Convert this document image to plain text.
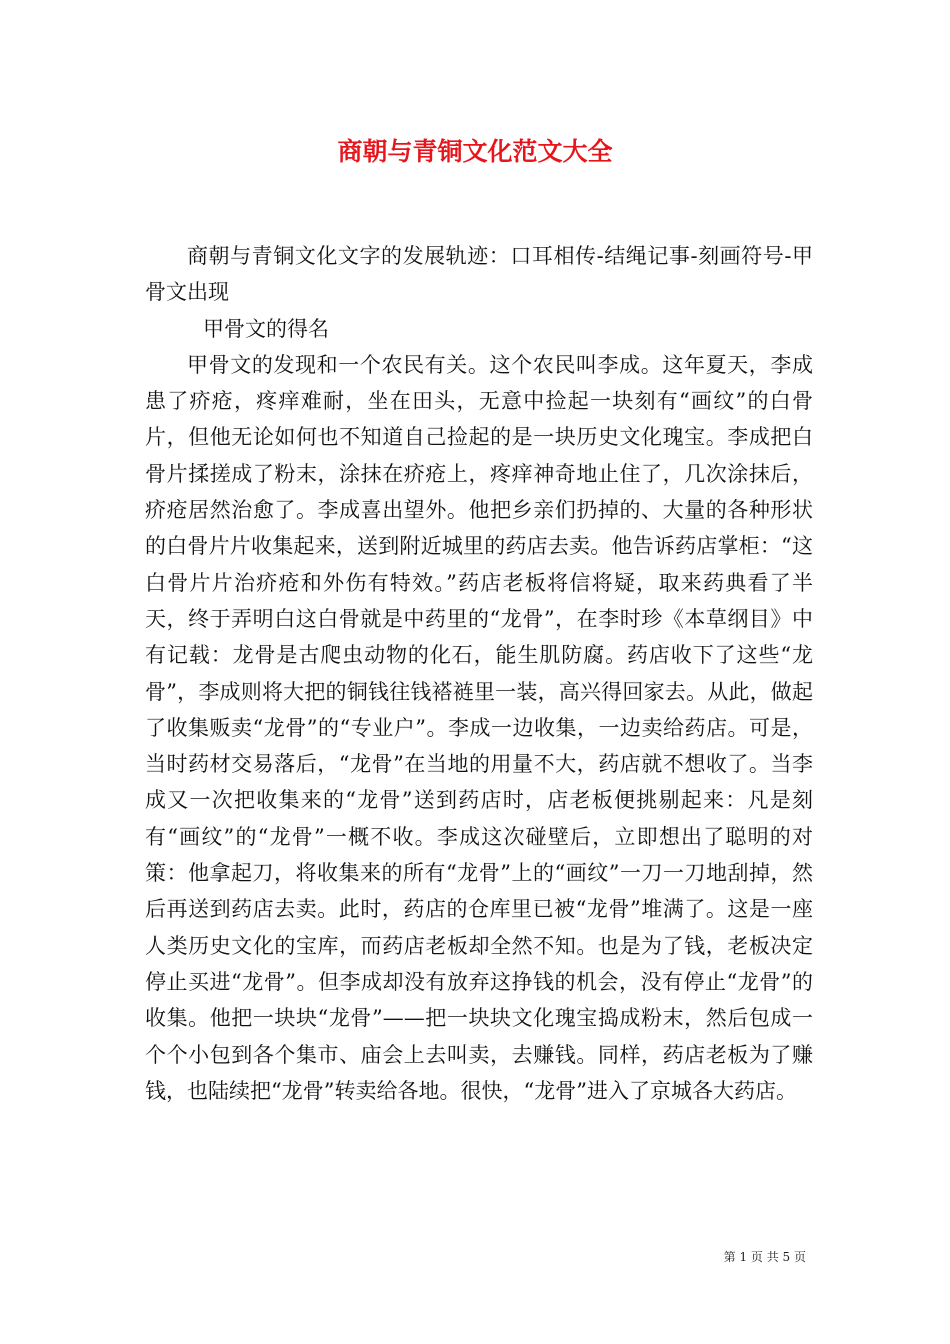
商朝与青铜文化范文大全

商朝与青铜文化文字的发展轨迹：口耳相传-结绳记事-刻画符号-甲骨文出现

甲骨文的得名

甲骨文的发现和一个农民有关。这个农民叫李成。这年夏天，李成患了疥疮，疼痒难耐，坐在田头，无意中捡起一块刻有“画纹”的白骨片，但他无论如何也不知道自己捡起的是一块历史文化瑰宝。李成把白骨片揉搓成了粉末，涂抹在疥疮上，疼痒神奇地止住了，几次涂抹后，疥疮居然治愈了。李成喜出望外。他把乡亲们扔掉的、大量的各种形状的白骨片片收集起来，送到附近城里的药店去卖。他告诉药店掌柜：“这白骨片片治疥疮和外伤有特效。”药店老板将信将疑，取来药典看了半天，终于弄明白这白骨就是中药里的“龙骨”，在李时珍《本草纲目》中有记载：龙骨是古爬虫动物的化石，能生肌防腐。药店收下了这些“龙骨”，李成则将大把的铜钱往钱褡裢里一装，高兴得回家去。从此，做起了收集贩卖“龙骨”的“专业户”。李成一边收集，一边卖给药店。可是，当时药材交易落后，“龙骨”在当地的用量不大，药店就不想收了。当李成又一次把收集来的“龙骨”送到药店时，店老板便挑剔起来：凡是刻有“画纹”的“龙骨”一概不收。李成这次碰壁后，立即想出了聪明的对策：他拿起刀，将收集来的所有“龙骨”上的“画纹”一刀一刀地刮掉，然后再送到药店去卖。此时，药店的仓库里已被“龙骨”堆满了。这是一座人类历史文化的宝库，而药店老板却全然不知。也是为了钱，老板决定停止买进“龙骨”。但李成却没有放弃这挣钱的机会，没有停止“龙骨”的收集。他把一块块“龙骨”——把一块块文化瑰宝捣成粉末，然后包成一个个小包到各个集市、庙会上去叫卖，去赚钱。同样，药店老板为了赚钱，也陆续把“龙骨”转卖给各地。很快，“龙骨”进入了京城各大药店。

第 1 页 共 5 页
